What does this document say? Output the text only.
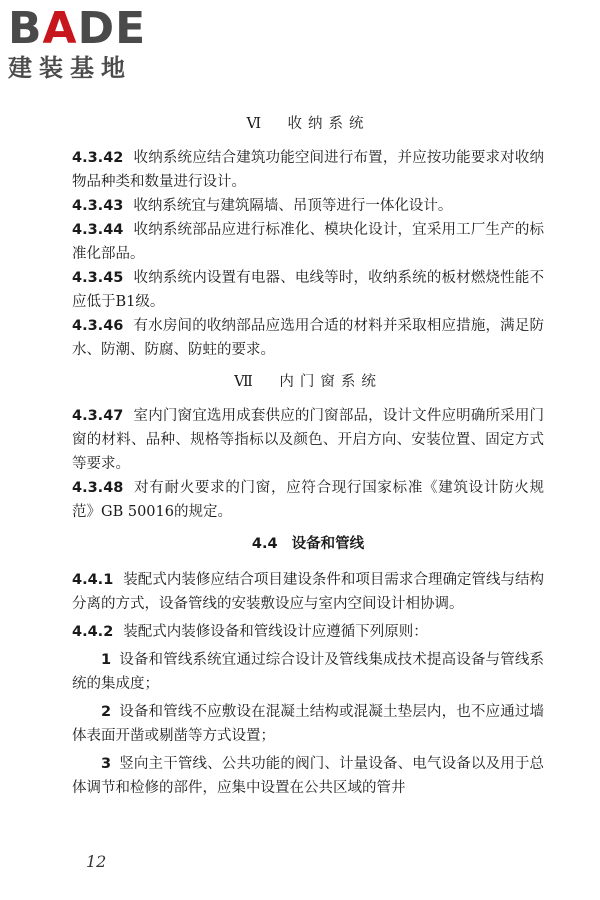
BADE
建装基地
Ⅵ　收纳系统

4.3.42 收纳系统应结合建筑功能空间进行布置，并应按功能要求对收纳物品种类和数量进行设计。

4.3.43 收纳系统宜与建筑隔墙、吊顶等进行一体化设计。

4.3.44 收纳系统部品应进行标准化、模块化设计，宜采用工厂生产的标准化部品。

4.3.45 收纳系统内设置有电器、电线等时，收纳系统的板材燃烧性能不应低于B1级。

4.3.46 有水房间的收纳部品应选用合适的材料并采取相应措施，满足防水、防潮、防腐、防蛀的要求。

Ⅶ　内门窗系统

4.3.47 室内门窗宜选用成套供应的门窗部品，设计文件应明确所采用门窗的材料、品种、规格等指标以及颜色、开启方向、安装位置、固定方式等要求。

4.3.48 对有耐火要求的门窗，应符合现行国家标准《建筑设计防火规范》GB 50016的规定。

4.4 设备和管线

4.4.1 装配式内装修应结合项目建设条件和项目需求合理确定管线与结构分离的方式，设备管线的安装敷设应与室内空间设计相协调。

4.4.2 装配式内装修设备和管线设计应遵循下列原则：

1 设备和管线系统宜通过综合设计及管线集成技术提高设备与管线系统的集成度；

2 设备和管线不应敷设在混凝土结构或混凝土垫层内，也不应通过墙体表面开凿或剔凿等方式设置；

3 竖向主干管线、公共功能的阀门、计量设备、电气设备以及用于总体调节和检修的部件，应集中设置在公共区域的管井

12
